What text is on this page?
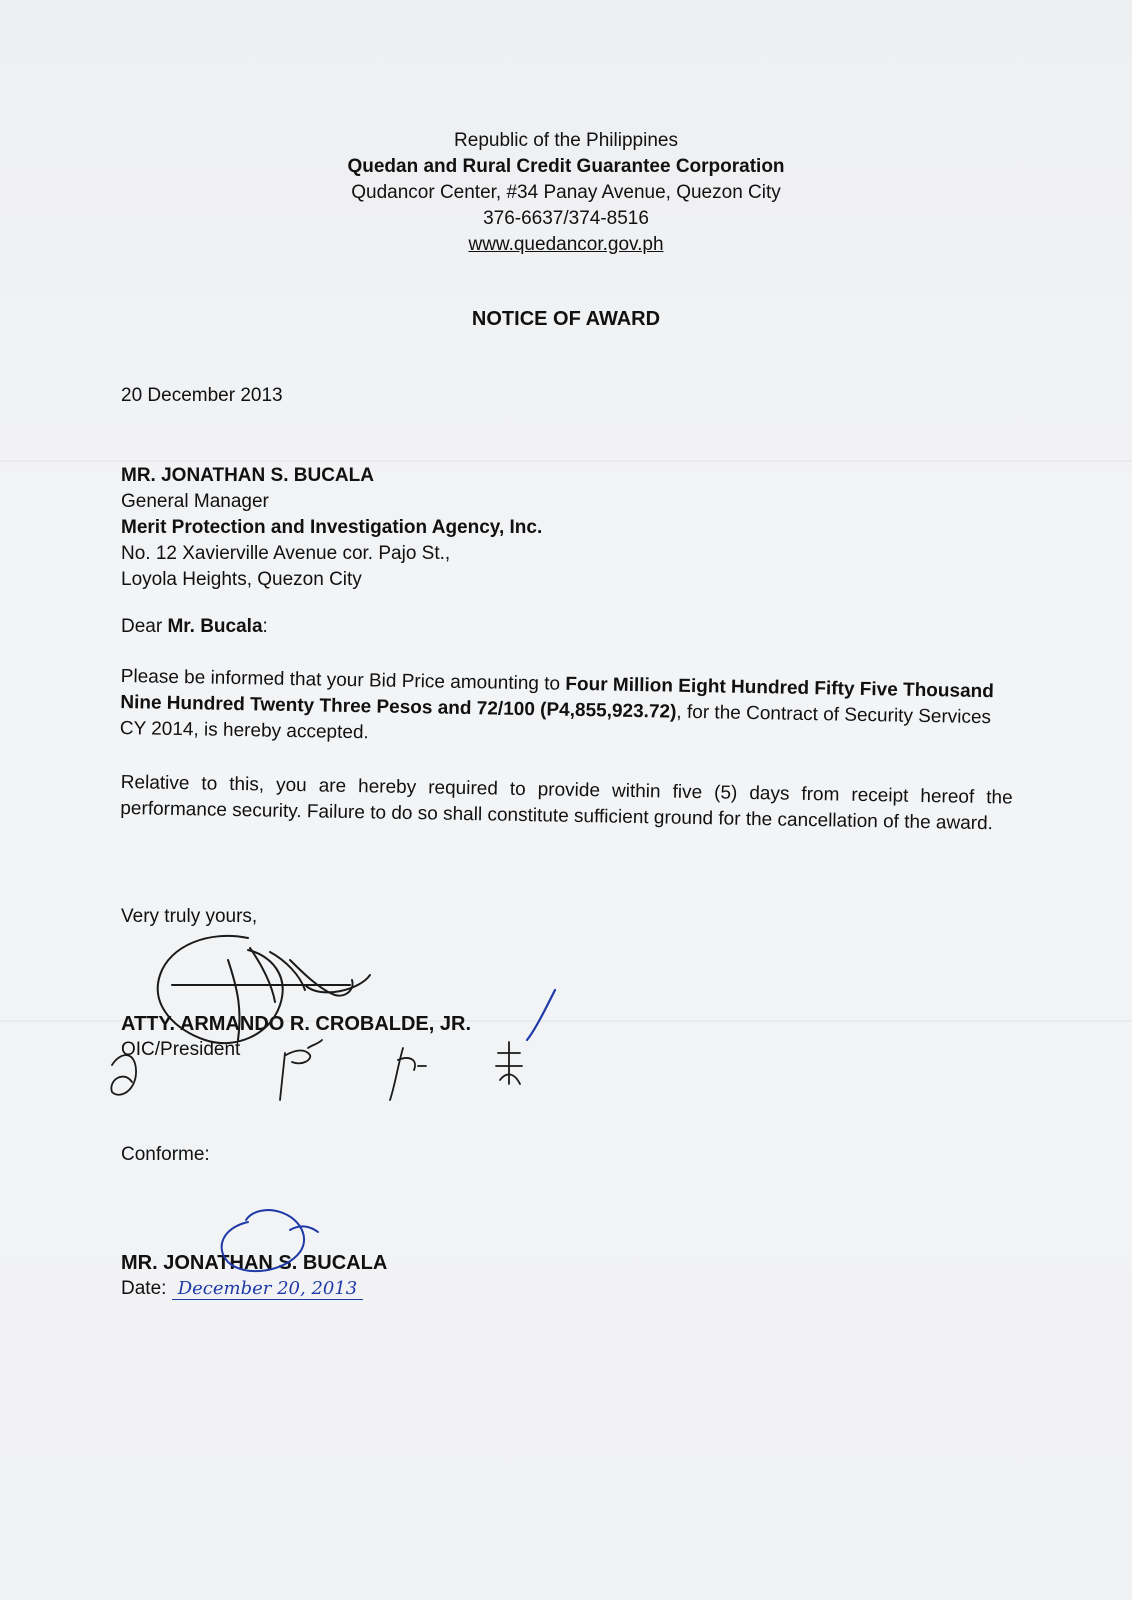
Republic of the Philippines
Quedan and Rural Credit Guarantee Corporation
Qudancor Center, #34 Panay Avenue, Quezon City
376-6637/374-8516
www.quedancor.gov.ph
NOTICE OF AWARD
20 December 2013
MR. JONATHAN S. BUCALA
General Manager
Merit Protection and Investigation Agency, Inc.
No. 12 Xavierville Avenue cor. Pajo St.,
Loyola Heights, Quezon City
Dear Mr. Bucala:
Please be informed that your Bid Price amounting to Four Million Eight Hundred Fifty Five Thousand Nine Hundred Twenty Three Pesos and 72/100 (P4,855,923.72), for the Contract of Security Services CY 2014, is hereby accepted.
Relative to this, you are hereby required to provide within five (5) days from receipt hereof the performance security. Failure to do so shall constitute sufficient ground for the cancellation of the award.
Very truly yours,
ATTY. ARMANDO R. CROBALDE, JR.
OIC/President
Conforme:
MR. JONATHAN S. BUCALA
Date: December 20, 2013
